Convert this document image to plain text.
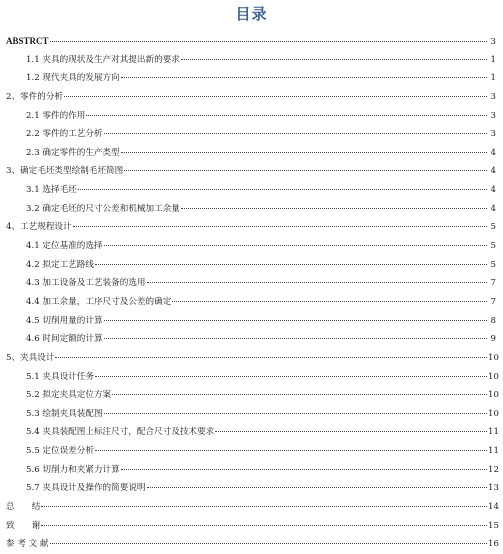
目录
ABSTRCT	3
1.1 夹具的现状及生产对其提出新的要求	1
1.2 现代夹具的发展方向	1
2、零件的分析	3
2.1 零件的作用	3
2.2 零件的工艺分析	3
2.3 确定零件的生产类型	4
3、确定毛坯类型绘制毛坯简图	4
3.1 选择毛坯	4
3.2 确定毛坯的尺寸公差和机械加工余量	4
4、工艺规程设计	5
4.1 定位基准的选择	5
4.2 拟定工艺路线	5
4.3 加工设备及工艺装备的选用	7
4.4 加工余量，工序尺寸及公差的确定	7
4.5 切削用量的计算	8
4.6 时间定额的计算	9
5、夹具设计	10
5.1 夹具设计任务	10
5.2 拟定夹具定位方案	10
5.3 绘制夹具装配图	10
5.4 夹具装配图上标注尺寸，配合尺寸及技术要求	11
5.5 定位误差分析	11
5.6 切削力和夹紧力计算	12
5.7 夹具设计及操作的简要说明	13
总　　结	14
致　　谢	15
参 考 文 献	16
